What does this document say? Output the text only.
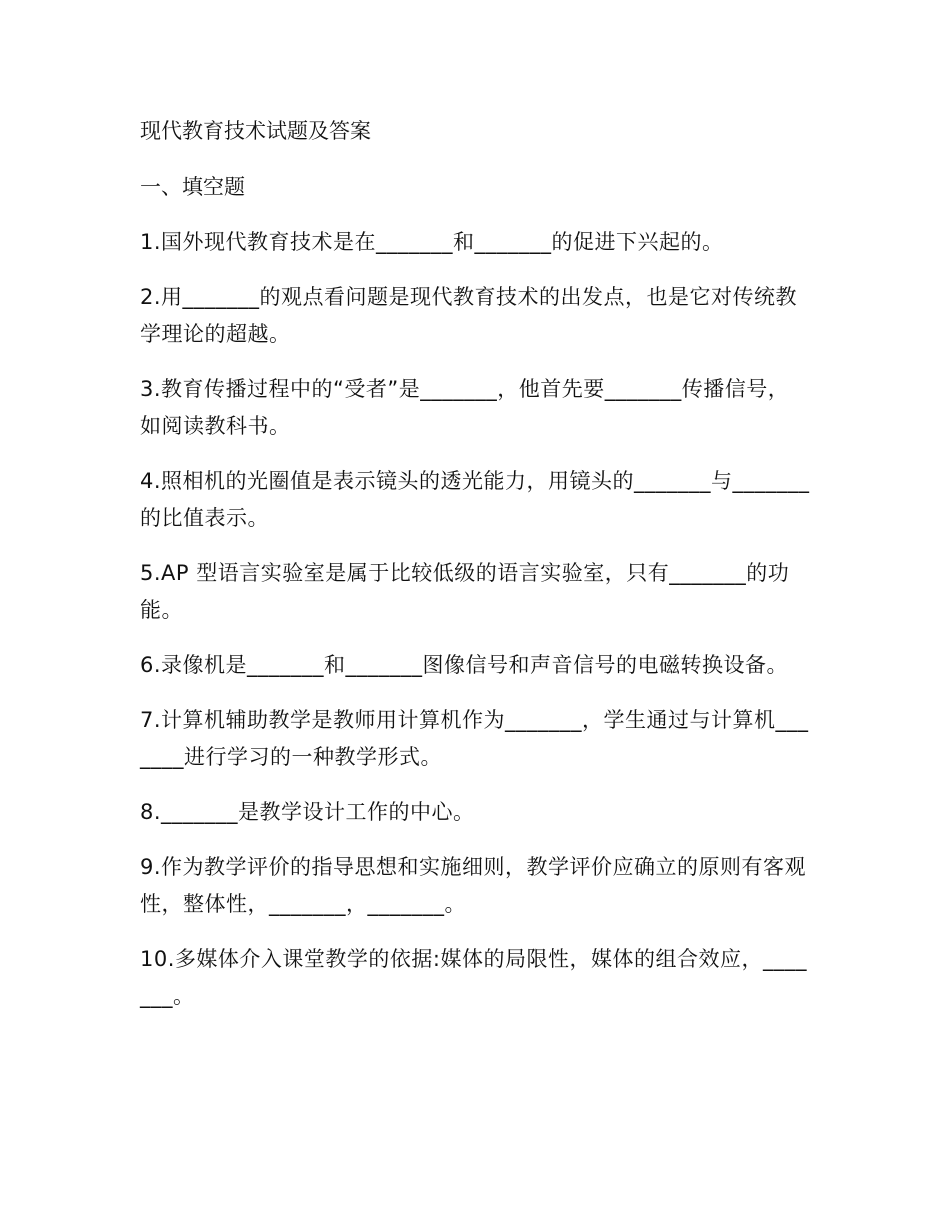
现代教育技术试题及答案
一、填空题
1.国外现代教育技术是在_______和_______的促进下兴起的。
2.用_______的观点看问题是现代教育技术的出发点，也是它对传统教学理论的超越。
3.教育传播过程中的“受者”是_______，他首先要_______传播信号，如阅读教科书。
4.照相机的光圈值是表示镜头的透光能力，用镜头的_______与_______的比值表示。
5.AP 型语言实验室是属于比较低级的语言实验室，只有_______的功能。
6.录像机是_______和_______图像信号和声音信号的电磁转换设备。
7.计算机辅助教学是教师用计算机作为_______，学生通过与计算机_______进行学习的一种教学形式。
8._______是教学设计工作的中心。
9.作为教学评价的指导思想和实施细则，教学评价应确立的原则有客观性，整体性，_______，_______。
10.多媒体介入课堂教学的依据:媒体的局限性，媒体的组合效应，_______。
